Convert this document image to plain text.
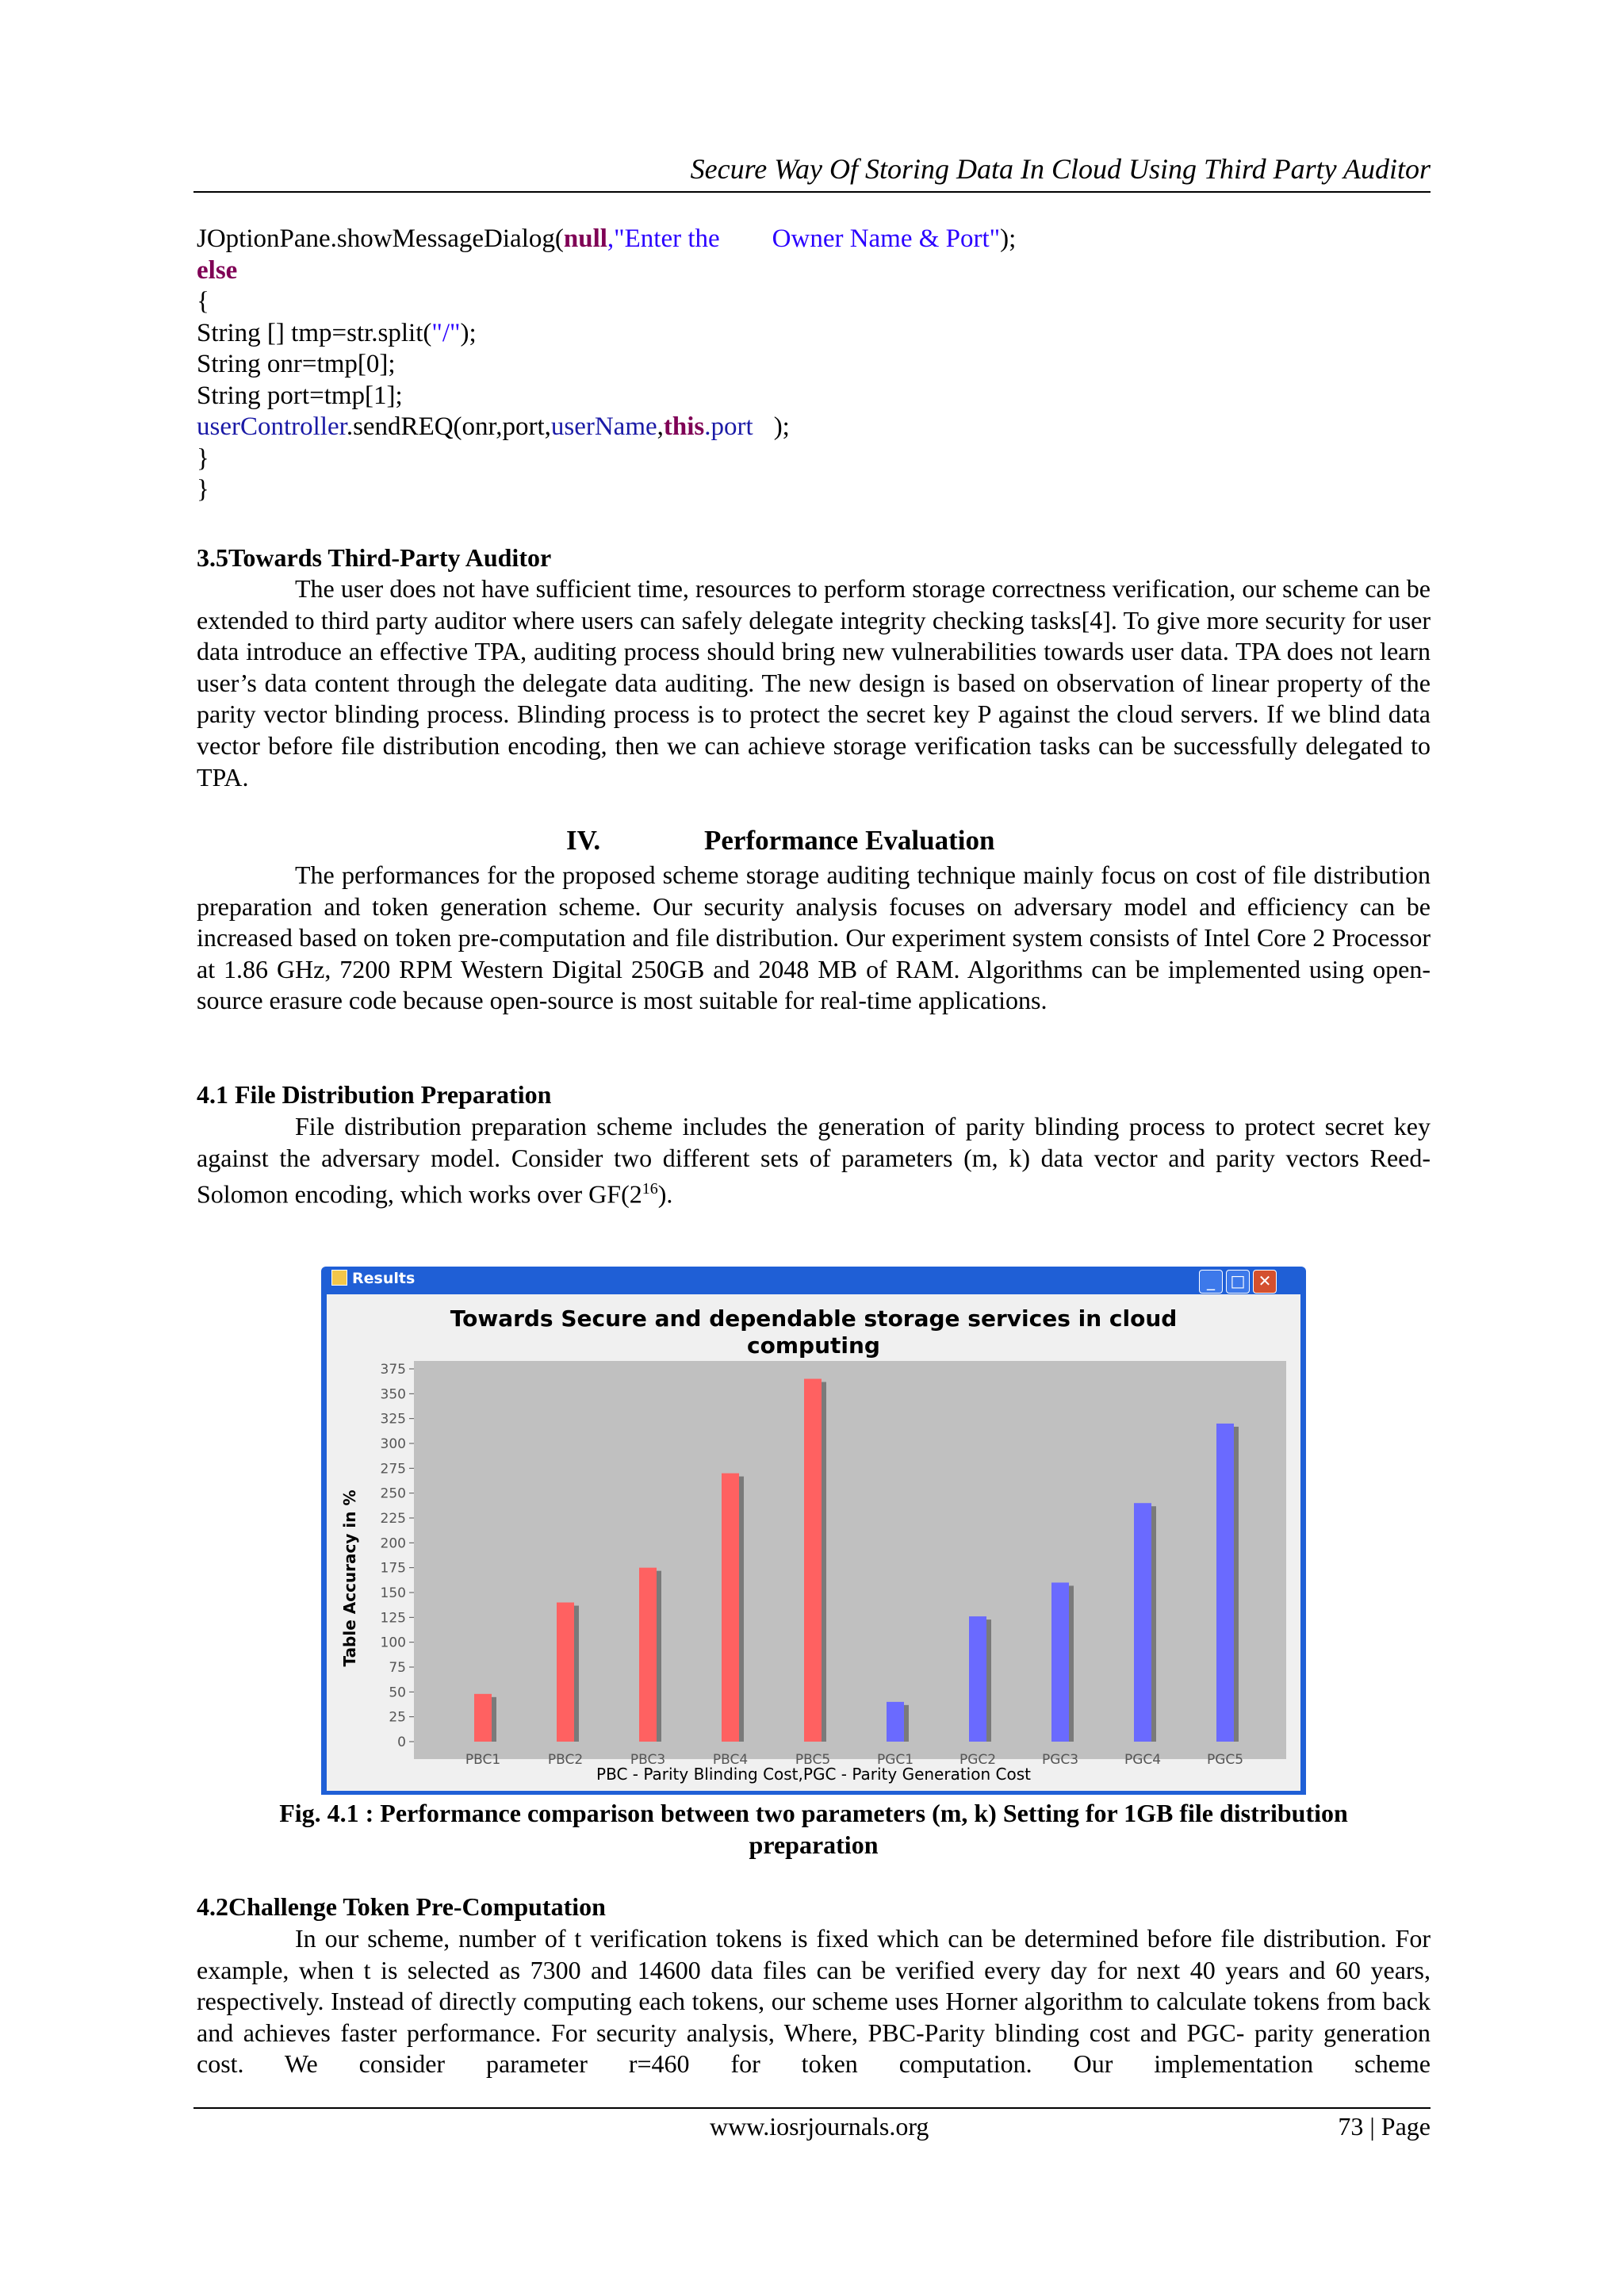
Secure Way Of Storing Data In Cloud Using Third Party Auditor
JOptionPane.showMessageDialog(null,"Enter the Owner Name & Port");
else
{
String [] tmp=str.split("/");
String onr=tmp[0];
String port=tmp[1];
userController.sendREQ(onr,port,userName,this.port );
}
}
3.5Towards Third-Party Auditor

The user does not have sufficient time, resources to perform storage correctness verification, our scheme can be extended to third party auditor where users can safely delegate integrity checking tasks[4]. To give more security for user data introduce an effective TPA, auditing process should bring new vulnerabilities towards user data. TPA does not learn user’s data content through the delegate data auditing. The new design is based on observation of linear property of the parity vector blinding process. Blinding process is to protect the secret key P against the cloud servers. If we blind data vector before file distribution encoding, then we can achieve storage verification tasks can be successfully delegated to TPA.

IV.	Performance Evaluation

The performances for the proposed scheme storage auditing technique mainly focus on cost of file distribution preparation and token generation scheme. Our security analysis focuses on adversary model and efficiency can be increased based on token pre-computation and file distribution. Our experiment system consists of Intel Core 2 Processor at 1.86 GHz, 7200 RPM Western Digital 250GB and 2048 MB of RAM. Algorithms can be implemented using open-source erasure code because open-source is most suitable for real-time applications.

4.1 File Distribution Preparation

File distribution preparation scheme includes the generation of parity blinding process to protect secret key against the adversary model. Consider two different sets of parameters (m, k) data vector and parity vectors Reed-Solomon encoding, which works over $GF(2^{16})$.

Results	_ □ ✕
Towards Secure and dependable storage services in cloud
computing
Table Accuracy in %
PBC - Parity Blinding Cost,PGC - Parity Generation Cost
0
25
50
75
100
125
150
175
200
225
250
275
300
325
350
375
PBC1	PBC2	PBC3	PBC4	PBC5	PGC1	PGC2	PGC3	PGC4	PGC5
Fig. 4.1 : Performance comparison between two parameters (m, k) Setting for 1GB file distribution
preparation
4.2Challenge Token Pre-Computation

In our scheme, number of t verification tokens is fixed which can be determined before file distribution. For example, when t is selected as 7300 and 14600 data files can be verified every day for next 40 years and 60 years, respectively. Instead of directly computing each tokens, our scheme uses Horner algorithm to calculate tokens from back and achieves faster performance. For security analysis, Where, PBC-Parity blinding cost and PGC- parity generation cost. We consider parameter r=460 for token computation. Our implementation scheme

www.iosrjournals.org	73 | Page
